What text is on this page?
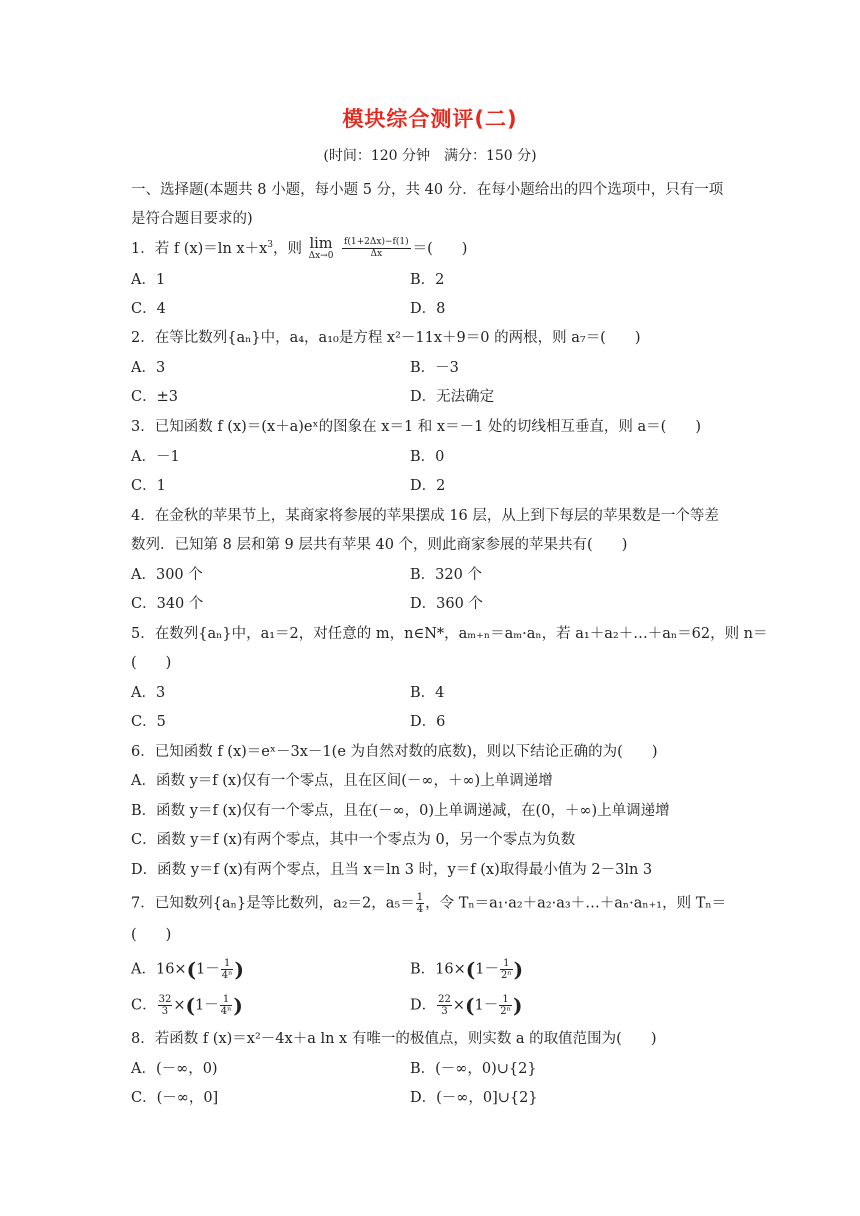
模块综合测评(二)
(时间：120 分钟　满分：150 分)
一、选择题(本题共 8 小题，每小题 5 分，共 40 分．在每小题给出的四个选项中，只有一项
是符合题目要求的)
1．若 f (x)＝ln $x+x^3$，则 lim
Δx→0
$\frac{f(1+2\Delta x)-f(1)}{\Delta x}$ ＝(　　)
A．1	B．2
C．4	D．8
2．在等比数列{aₙ}中，a₄，a₁₀是方程 x²－11x＋9＝0 的两根，则 a₇＝(　　)
A．3	B．－3
C．±3	D．无法确定
3．已知函数 f (x)＝(x＋a)eˣ的图象在 x＝1 和 x＝－1 处的切线相互垂直，则 a＝(　　)
A．－1	B．0
C．1	D．2
4．在金秋的苹果节上，某商家将参展的苹果摆成 16 层，从上到下每层的苹果数是一个等差
数列．已知第 8 层和第 9 层共有苹果 40 个，则此商家参展的苹果共有(　　)
A．300 个	B．320 个
C．340 个	D．360 个
5．在数列{aₙ}中，a₁＝2，对任意的 m，n∈N*，aₘ₊ₙ＝aₘ·aₙ，若 a₁＋a₂＋…＋aₙ＝62，则 n＝
(　　)
A．3	B．4
C．5	D．6
6．已知函数 f (x)＝eˣ－3x－1(e 为自然对数的底数)，则以下结论正确的为(　　)
A．函数 y＝f (x)仅有一个零点，且在区间(－∞，＋∞)上单调递增
B．函数 y＝f (x)仅有一个零点，且在(－∞，0)上单调递减，在(0，＋∞)上单调递增
C．函数 y＝f (x)有两个零点，其中一个零点为 0，另一个零点为负数
D．函数 y＝f (x)有两个零点，且当 x＝ln 3 时，y＝f (x)取得最小值为 2－3ln 3
7．已知数列{aₙ}是等比数列，a₂＝2，$a_5= \frac{1}{4}$ ，令 Tₙ＝a₁·a₂＋a₂·a₃＋…＋aₙ·aₙ₊₁，则 Tₙ＝
(　　)
A．$16\times(1- \frac{1}{\text{4ⁿ}}$ )	B．$16\times(1- \frac{1}{\text{2ⁿ}}$ )
C． $\frac{32}{3} \times(1- \frac{1}{\text{4ⁿ}}$ )	D． $\frac{22}{3} \times(1- \frac{1}{\text{2ⁿ}}$ )
8．若函数 f (x)＝x²－4x＋a ln x 有唯一的极值点，则实数 a 的取值范围为(　　)
A．(－∞，0)	B．(－∞，0)∪{2}
C．(－∞，0]	D．(－∞，0]∪{2}
